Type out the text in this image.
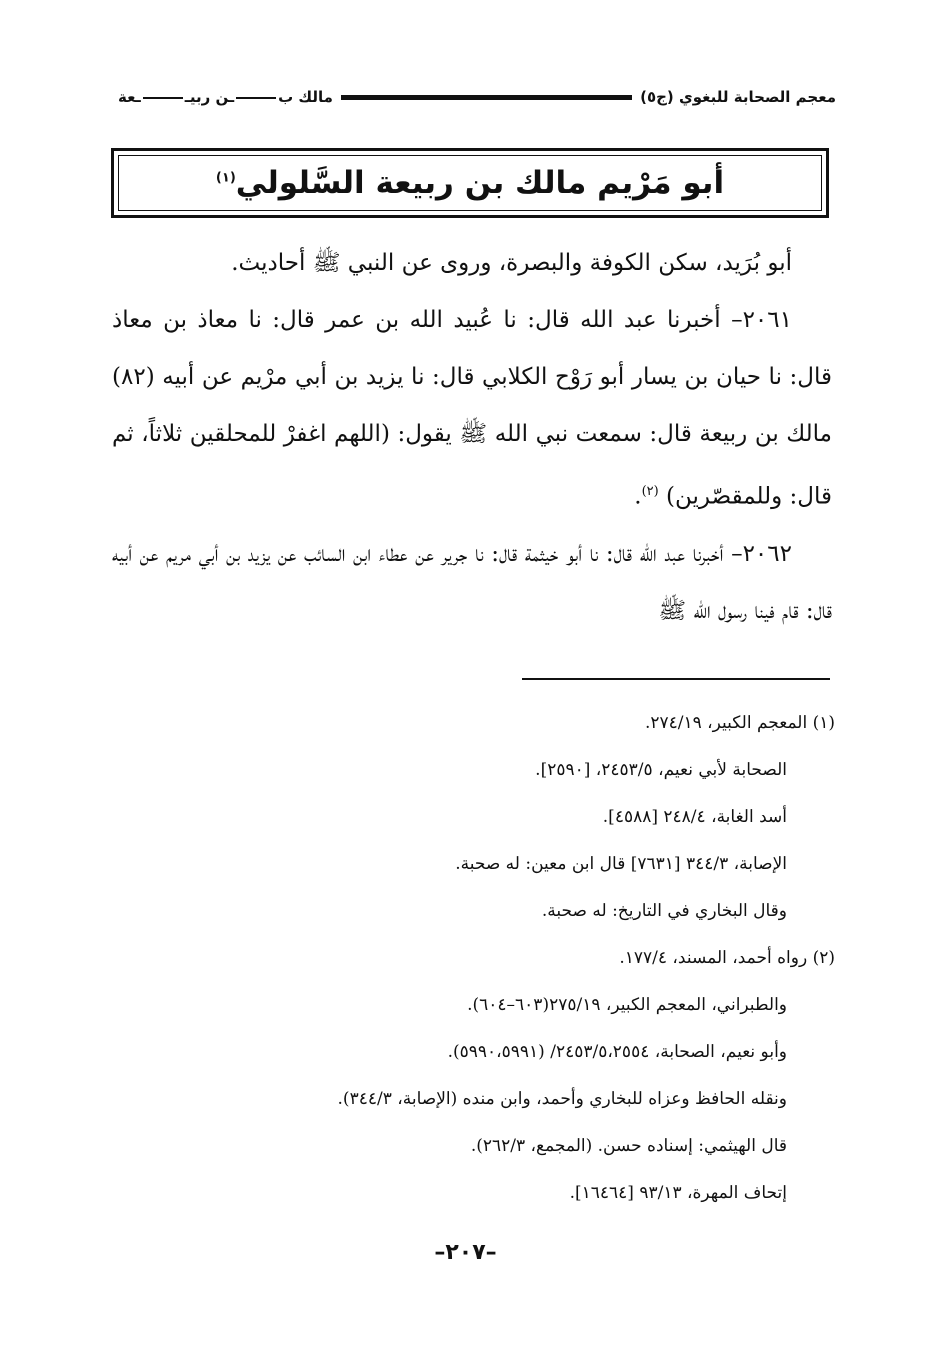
معجم الصحابة للبغوي (ج٥)
مالك بـن ربيــعة
أبو مَرْيم مالك بن ربيعة السَّلولي$^{(١)}$

أبو بُرَيد، سكن الكوفة والبصرة، وروى عن النبي ﷺ أحاديث.

٢٠٦١– أخبرنا عبد الله قال: نا عُبيد الله بن عمر قال: نا معاذ بن معاذ قال: نا حيان بن يسار أبو رَوْح الكلابي قال: نا يزيد بن أبي مرْيم عن أبيه (٨٢) مالك بن ربيعة قال: سمعت نبي الله ﷺ يقول: (اللهم اغفرْ للمحلقين ثلاثاً، ثم قال: وللمقصّرين) $^{(٢)}$.

٢٠٦٢– أخبرنا عبد الله قال: نا أبو خيثمة قال: نا جرير عن عطاء ابن السائب عن يزيد بن أبي مريم عن أبيه قال: قام فينا رسول الله ﷺ

(١) المعجم الكبير، ٢٧٤/١٩.
الصحابة لأبي نعيم، ٢٤٥٣/٥، [٢٥٩٠].
أسد الغابة، ٢٤٨/٤ [٤٥٨٨].
الإصابة، ٣٤٤/٣ [٧٦٣١] قال ابن معين: له صحبة.
وقال البخاري في التاريخ: له صحبة.
(٢) رواه أحمد، المسند، ١٧٧/٤.
والطبراني، المعجم الكبير، ٢٧٥/١٩(٦٠٣–٦٠٤).
وأبو نعيم، الصحابة، ٢٤٥٣/٥،٢٥٥٤/ (٥٩٩٠،٥٩٩١).
ونقله الحافظ وعزاه للبخاري وأحمد، وابن منده (الإصابة، ٣٤٤/٣).
قال الهيثمي: إسناده حسن. (المجمع، ٢٦٢/٣).
إتحاف المهرة، ٩٣/١٣ [١٦٤٦٤].
–٢٠٧–
